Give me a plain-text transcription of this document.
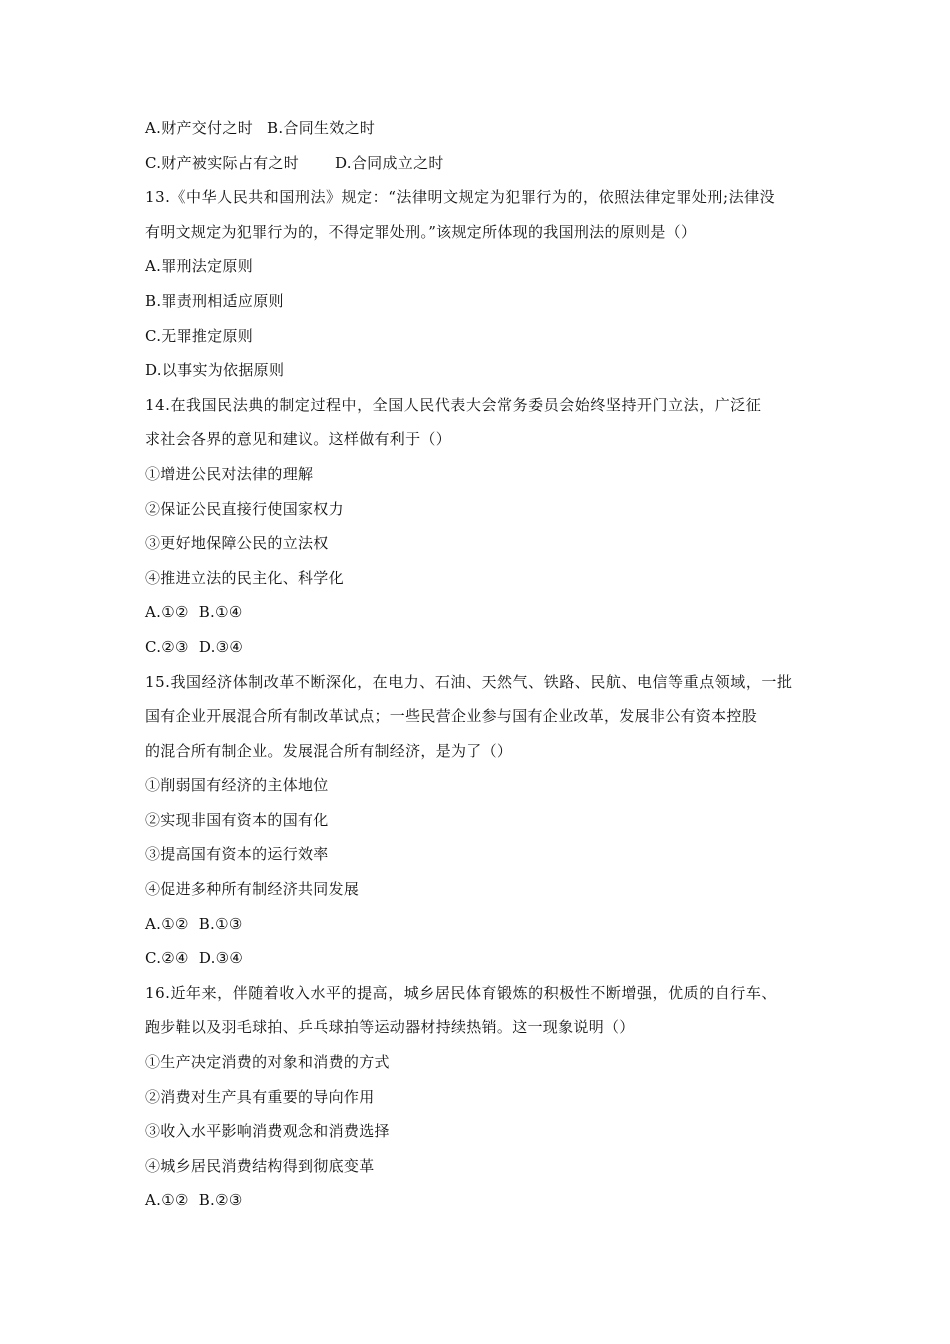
A.财产交付之时 B.合同生效之时
C.财产被实际占有之时 D.合同成立之时
13.《中华人民共和国刑法》规定：“法律明文规定为犯罪行为的，依照法律定罪处刑;法律没
有明文规定为犯罪行为的，不得定罪处刑。”该规定所体现的我国刑法的原则是（）
A.罪刑法定原则
B.罪责刑相适应原则
C.无罪推定原则
D.以事实为依据原则
14.在我国民法典的制定过程中，全国人民代表大会常务委员会始终坚持开门立法，广泛征
求社会各界的意见和建议。这样做有利于（）
①增进公民对法律的理解
②保证公民直接行使国家权力
③更好地保障公民的立法权
④推进立法的民主化、科学化
A.①② B.①④
C.②③ D.③④
15.我国经济体制改革不断深化，在电力、石油、天然气、铁路、民航、电信等重点领域，一批
国有企业开展混合所有制改革试点；一些民营企业参与国有企业改革，发展非公有资本控股
的混合所有制企业。发展混合所有制经济，是为了（）
①削弱国有经济的主体地位
②实现非国有资本的国有化
③提高国有资本的运行效率
④促进多种所有制经济共同发展
A.①② B.①③
C.②④ D.③④
16.近年来，伴随着收入水平的提高，城乡居民体育锻炼的积极性不断增强，优质的自行车、
跑步鞋以及羽毛球拍、乒乓球拍等运动器材持续热销。这一现象说明（）
①生产决定消费的对象和消费的方式
②消费对生产具有重要的导向作用
③收入水平影响消费观念和消费选择
④城乡居民消费结构得到彻底变革
A.①② B.②③
